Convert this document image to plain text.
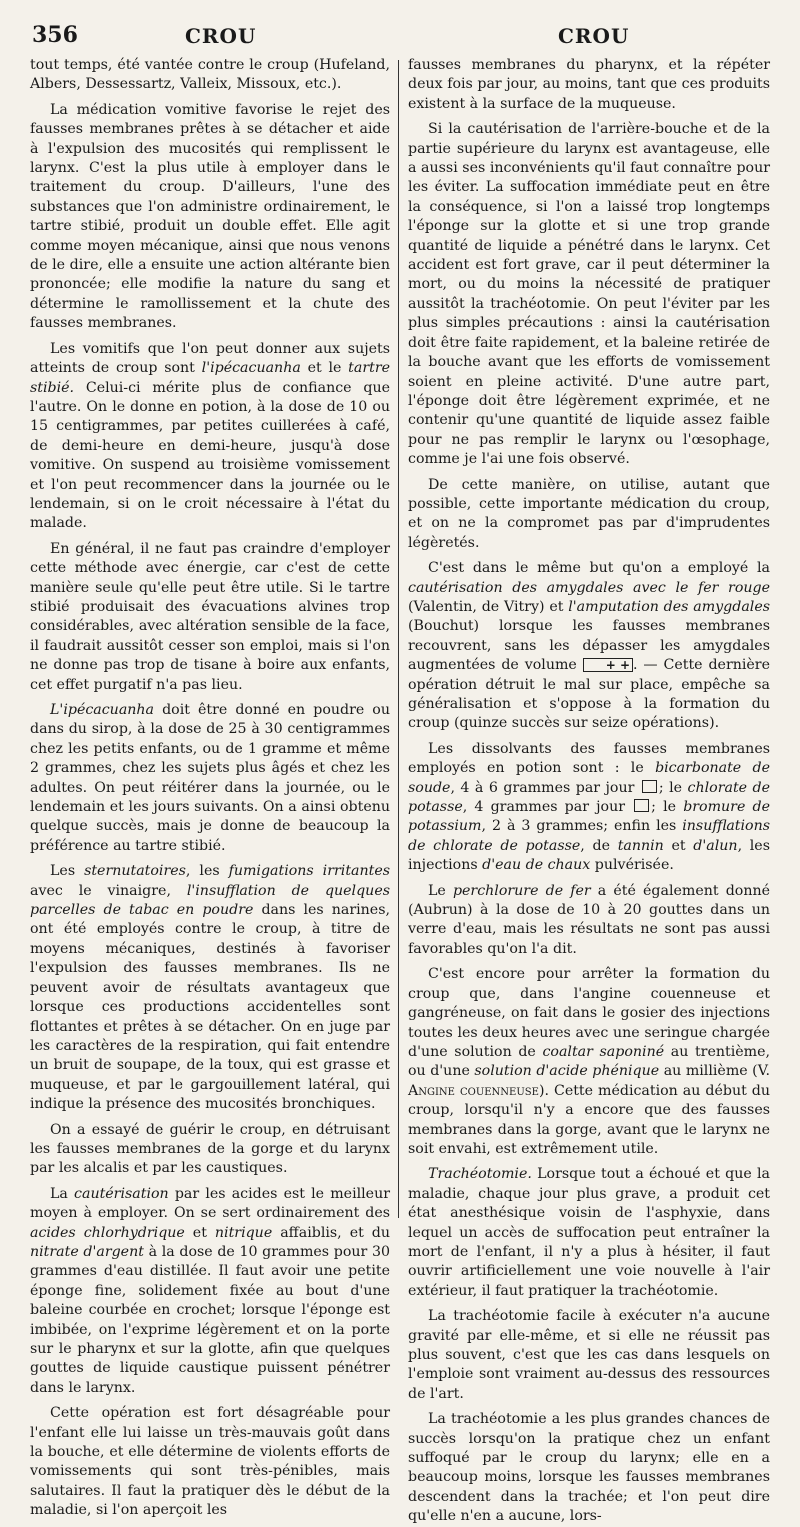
356	CROU	CROU

tout temps, été vantée contre le croup (Hufeland, Albers, Dessessartz, Valleix, Missoux, etc.).

La médication vomitive favorise le rejet des fausses membranes prêtes à se détacher et aide à l'expulsion des mucosités qui remplissent le larynx. C'est la plus utile à employer dans le traitement du croup. D'ailleurs, l'une des substances que l'on administre ordinairement, le tartre stibié, produit un double effet. Elle agit comme moyen mécanique, ainsi que nous venons de le dire, elle a ensuite une action altérante bien prononcée; elle modifie la nature du sang et détermine le ramollissement et la chute des fausses membranes.

Les vomitifs que l'on peut donner aux sujets atteints de croup sont l'ipécacuanha et le tartre stibié. Celui-ci mérite plus de confiance que l'autre. On le donne en potion, à la dose de 10 ou 15 centigrammes, par petites cuillerées à café, de demi-heure en demi-heure, jusqu'à dose vomitive. On suspend au troisième vomissement et l'on peut recommencer dans la journée ou le lendemain, si on le croit nécessaire à l'état du malade.

En général, il ne faut pas craindre d'employer cette méthode avec énergie, car c'est de cette manière seule qu'elle peut être utile. Si le tartre stibié produisait des évacuations alvines trop considérables, avec altération sensible de la face, il faudrait aussitôt cesser son emploi, mais si l'on ne donne pas trop de tisane à boire aux enfants, cet effet purgatif n'a pas lieu.

L'ipécacuanha doit être donné en poudre ou dans du sirop, à la dose de 25 à 30 centigrammes chez les petits enfants, ou de 1 gramme et même 2 grammes, chez les sujets plus âgés et chez les adultes. On peut réitérer dans la journée, ou le lendemain et les jours suivants. On a ainsi obtenu quelque succès, mais je donne de beaucoup la préférence au tartre stibié.

Les sternutatoires, les fumigations irritantes avec le vinaigre, l'insufflation de quelques parcelles de tabac en poudre dans les narines, ont été employés contre le croup, à titre de moyens mécaniques, destinés à favoriser l'expulsion des fausses membranes. Ils ne peuvent avoir de résultats avantageux que lorsque ces productions accidentelles sont flottantes et prêtes à se détacher. On en juge par les caractères de la respiration, qui fait entendre un bruit de soupape, de la toux, qui est grasse et muqueuse, et par le gargouillement latéral, qui indique la présence des mucosités bronchiques.

On a essayé de guérir le croup, en détruisant les fausses membranes de la gorge et du larynx par les alcalis et par les caustiques.

La cautérisation par les acides est le meilleur moyen à employer. On se sert ordinairement des acides chlorhydrique et nitrique affaiblis, et du nitrate d'argent à la dose de 10 grammes pour 30 grammes d'eau distillée. Il faut avoir une petite éponge fine, solidement fixée au bout d'une baleine courbée en crochet; lorsque l'éponge est imbibée, on l'exprime légèrement et on la porte sur le pharynx et sur la glotte, afin que quelques gouttes de liquide caustique puissent pénétrer dans le larynx.

Cette opération est fort désagréable pour l'enfant elle lui laisse un très-mauvais goût dans la bouche, et elle détermine de violents efforts de vomissements qui sont très-pénibles, mais salutaires. Il faut la pratiquer dès le début de la maladie, si l'on aperçoit les

fausses membranes du pharynx, et la répéter deux fois par jour, au moins, tant que ces produits existent à la surface de la muqueuse.

Si la cautérisation de l'arrière-bouche et de la partie supérieure du larynx est avantageuse, elle a aussi ses inconvénients qu'il faut connaître pour les éviter. La suffocation immédiate peut en être la conséquence, si l'on a laissé trop longtemps l'éponge sur la glotte et si une trop grande quantité de liquide a pénétré dans le larynx. Cet accident est fort grave, car il peut déterminer la mort, ou du moins la nécessité de pratiquer aussitôt la trachéotomie. On peut l'éviter par les plus simples précautions : ainsi la cautérisation doit être faite rapidement, et la baleine retirée de la bouche avant que les efforts de vomissement soient en pleine activité. D'une autre part, l'éponge doit être légèrement exprimée, et ne contenir qu'une quantité de liquide assez faible pour ne pas remplir le larynx ou l'œsophage, comme je l'ai une fois observé.

De cette manière, on utilise, autant que possible, cette importante médication du croup, et on ne la compromet pas par d'imprudentes légèretés.

C'est dans le même but qu'on a employé la cautérisation des amygdales avec le fer rouge (Valentin, de Vitry) et l'amputation des amygdales (Bouchut) lorsque les fausses membranes recouvrent, sans les dépasser les amygdales augmentées de volume + + . — Cette dernière opération détruit le mal sur place, empêche sa généralisation et s'oppose à la formation du croup (quinze succès sur seize opérations).

Les dissolvants des fausses membranes employés en potion sont : le bicarbonate de soude, 4 à 6 grammes par jour ; le chlorate de potasse, 4 grammes par jour ; le bromure de potassium, 2 à 3 grammes; enfin les insufflations de chlorate de potasse, de tannin et d'alun, les injections d'eau de chaux pulvérisée.

Le perchlorure de fer a été également donné (Aubrun) à la dose de 10 à 20 gouttes dans un verre d'eau, mais les résultats ne sont pas aussi favorables qu'on l'a dit.

C'est encore pour arrêter la formation du croup que, dans l'angine couenneuse et gangréneuse, on fait dans le gosier des injections toutes les deux heures avec une seringue chargée d'une solution de coaltar saponiné au trentième, ou d'une solution d'acide phénique au millième (V. Angine couenneuse). Cette médication au début du croup, lorsqu'il n'y a encore que des fausses membranes dans la gorge, avant que le larynx ne soit envahi, est extrêmement utile.

Trachéotomie. Lorsque tout a échoué et que la maladie, chaque jour plus grave, a produit cet état anesthésique voisin de l'asphyxie, dans lequel un accès de suffocation peut entraîner la mort de l'enfant, il n'y a plus à hésiter, il faut ouvrir artificiellement une voie nouvelle à l'air extérieur, il faut pratiquer la trachéotomie.

La trachéotomie facile à exécuter n'a aucune gravité par elle-même, et si elle ne réussit pas plus souvent, c'est que les cas dans lesquels on l'emploie sont vraiment au-dessus des ressources de l'art.

La trachéotomie a les plus grandes chances de succès lorsqu'on la pratique chez un enfant suffoqué par le croup du larynx; elle en a beaucoup moins, lorsque les fausses membranes descendent dans la trachée; et l'on peut dire qu'elle n'en a aucune, lors-
